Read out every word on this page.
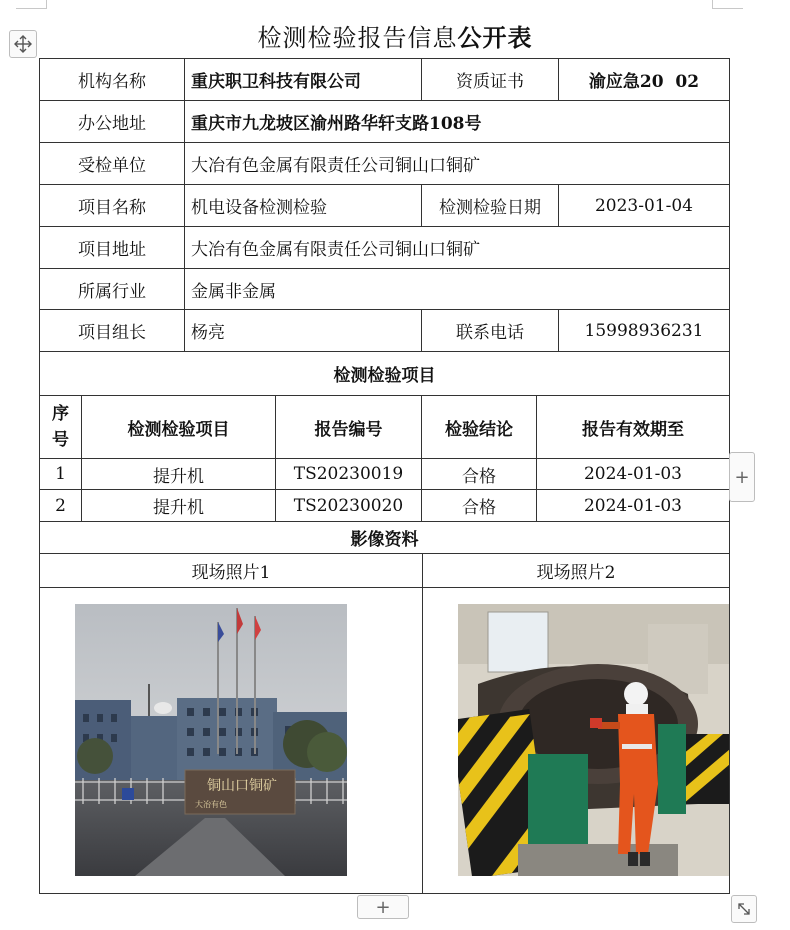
检测检验报告信息公开表
机构名称		重庆职卫科技有限公司		资质证书		渝应急20  02
办公地址		重庆市九龙坡区渝州路华轩支路108号				
受检单位		大冶有色金属有限责任公司铜山口铜矿				
项目名称		机电设备检测检验		检测检验日期		2023-01-04
项目地址		大冶有色金属有限责任公司铜山口铜矿				
所属行业		金属非金属				
项目组长		杨亮		联系电话		15998936231
检测检验项目						
序号	检测检验项目		报告编号	检验结论	报告有效期至	
1	提升机		TS20230019	合格	2024-01-03	
2	提升机		TS20230020	合格	2024-01-03	
影像资料						
现场照片1				现场照片2		

铜山口铜矿
大冶有色

+
+
